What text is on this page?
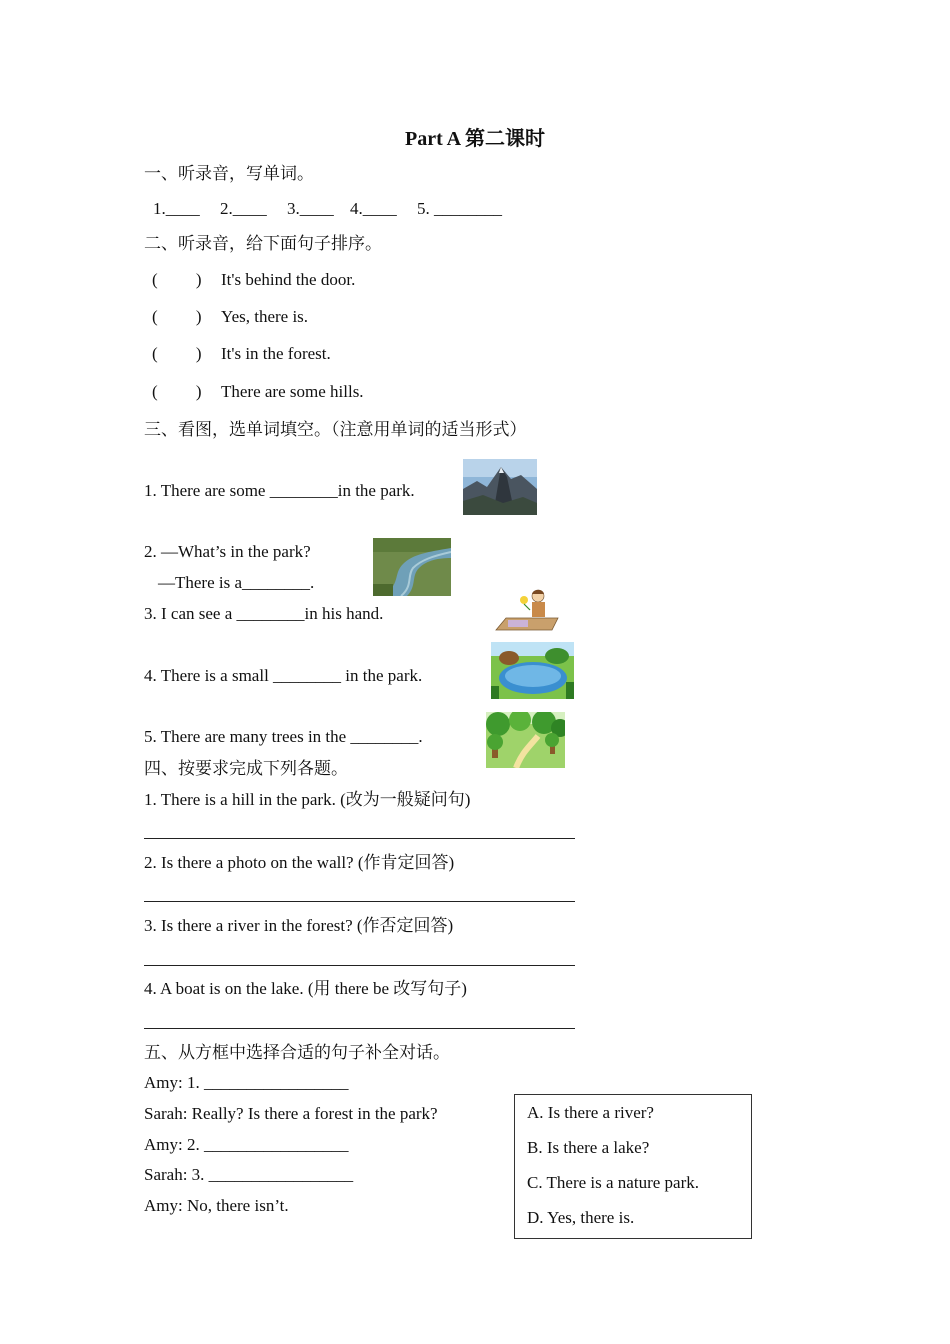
Part A 第二课时
一、听录音，写单词。
1.____ 2.____ 3.____ 4.____ 5. ________
二、听录音，给下面句子排序。
(         ) It's behind the door.
(         ) Yes, there is.
(         ) It's in the forest.
(         ) There are some hills.
三、看图，选单词填空。（注意用单词的适当形式）
1. There are some ________in the park.
2. —What’s in the park?
—There is a________.
3. I can see a ________in his hand.
4. There is a small ________ in the park.
5. There are many trees in the ________.
四、按要求完成下列各题。
1. There is a hill in the park. (改为一般疑问句)
2. Is there a photo on the wall? (作肯定回答)
3. Is there a river in the forest? (作否定回答)
4. A boat is on the lake. (用 there be 改写句子)
五、从方框中选择合适的句子补全对话。
Amy: 1. _________________
Sarah: Really? Is there a forest in the park?
Amy: 2. _________________
Sarah: 3. _________________
Amy: No, there isn’t.
A. Is there a river?
B. Is there a lake?
C. There is a nature park.
D. Yes, there is.
